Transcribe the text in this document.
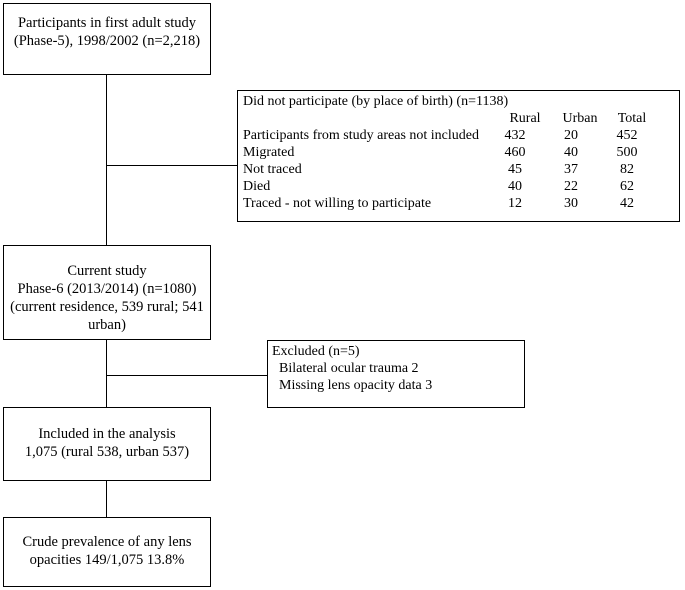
Participants in first adult study
(Phase-5), 1998/2002 (n=2,218)
Did not participate (by place of birth) (n=1138)
Rural	Urban	Total
Participants from study areas not included	432	20	452
Migrated	460	40	500
Not traced	45	37	82
Died	40	22	62
Traced - not willing to participate	12	30	42
Current study
Phase-6 (2013/2014) (n=1080)
(current residence, 539 rural; 541
urban)
Excluded (n=5)
Bilateral ocular trauma 2
Missing lens opacity data 3
Included in the analysis
1,075 (rural 538, urban 537)
Crude prevalence of any lens
opacities 149/1,075 13.8%
